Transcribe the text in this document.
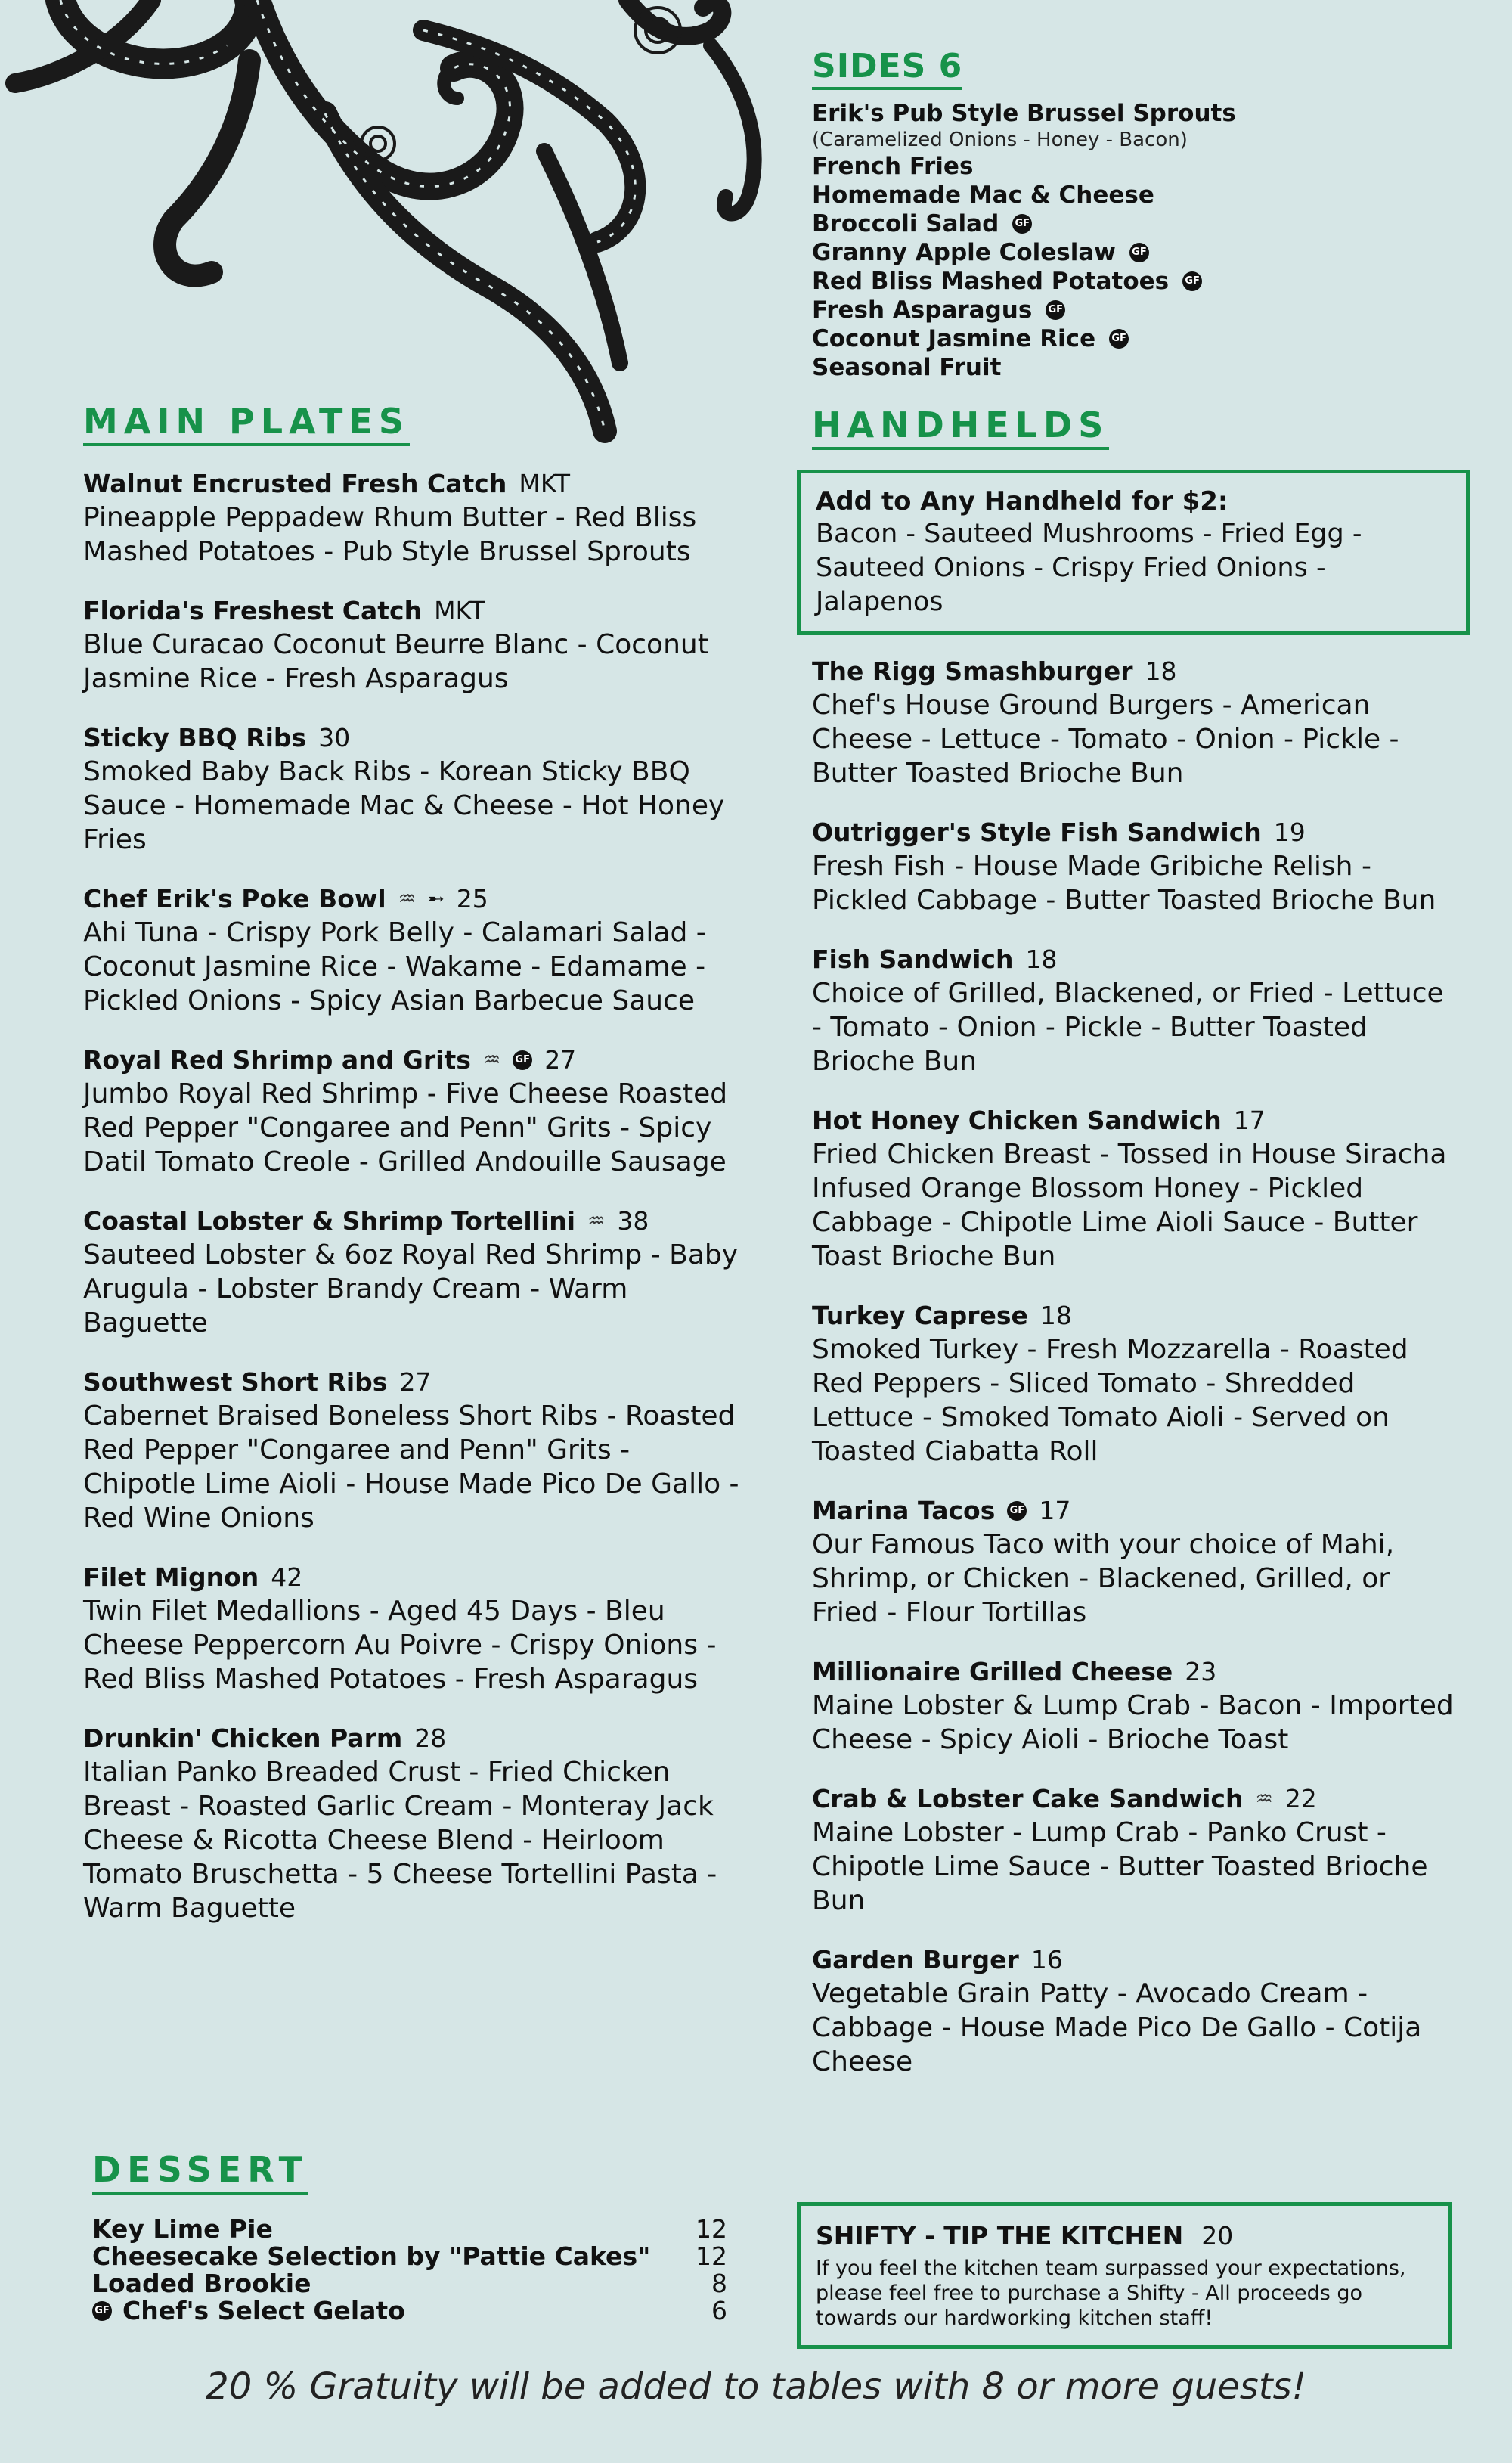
MAIN PLATES
Walnut Encrusted Fresh Catch MKT
Pineapple Peppadew Rhum Butter - Red Bliss Mashed Potatoes - Pub Style Brussel Sprouts
Florida's Freshest Catch MKT
Blue Curacao Coconut Beurre Blanc - Coconut Jasmine Rice - Fresh Asparagus
Sticky BBQ Ribs 30
Smoked Baby Back Ribs - Korean Sticky BBQ Sauce - Homemade Mac & Cheese - Hot Honey Fries
Chef Erik's Poke Bowl ♒ ➸ 25
Ahi Tuna - Crispy Pork Belly - Calamari Salad - Coconut Jasmine Rice - Wakame - Edamame - Pickled Onions - Spicy Asian Barbecue Sauce
Royal Red Shrimp and Grits ♒ GF 27
Jumbo Royal Red Shrimp - Five Cheese Roasted Red Pepper "Congaree and Penn" Grits - Spicy Datil Tomato Creole - Grilled Andouille Sausage
Coastal Lobster & Shrimp Tortellini ♒ 38
Sauteed Lobster & 6oz Royal Red Shrimp - Baby Arugula - Lobster Brandy Cream - Warm Baguette
Southwest Short Ribs 27
Cabernet Braised Boneless Short Ribs - Roasted Red Pepper "Congaree and Penn" Grits - Chipotle Lime Aioli - House Made Pico De Gallo - Red Wine Onions
Filet Mignon 42
Twin Filet Medallions - Aged 45 Days - Bleu Cheese Peppercorn Au Poivre - Crispy Onions - Red Bliss Mashed Potatoes - Fresh Asparagus
Drunkin' Chicken Parm 28
Italian Panko Breaded Crust - Fried Chicken Breast - Roasted Garlic Cream - Monteray Jack Cheese & Ricotta Cheese Blend - Heirloom Tomato Bruschetta - 5 Cheese Tortellini Pasta - Warm Baguette
SIDES 6
Erik's Pub Style Brussel Sprouts
(Caramelized Onions - Honey - Bacon)
French Fries
Homemade Mac & Cheese
Broccoli Salad GF
Granny Apple Coleslaw GF
Red Bliss Mashed Potatoes GF
Fresh Asparagus GF
Coconut Jasmine Rice GF
Seasonal Fruit
HANDHELDS
Add to Any Handheld for $2:
Bacon - Sauteed Mushrooms - Fried Egg - Sauteed Onions - Crispy Fried Onions - Jalapenos
The Rigg Smashburger 18
Chef's House Ground Burgers - American Cheese - Lettuce - Tomato - Onion - Pickle - Butter Toasted Brioche Bun
Outrigger's Style Fish Sandwich 19
Fresh Fish - House Made Gribiche Relish - Pickled Cabbage - Butter Toasted Brioche Bun
Fish Sandwich 18
Choice of Grilled, Blackened, or Fried - Lettuce - Tomato - Onion - Pickle - Butter Toasted Brioche Bun
Hot Honey Chicken Sandwich 17
Fried Chicken Breast - Tossed in House Siracha Infused Orange Blossom Honey - Pickled Cabbage - Chipotle Lime Aioli Sauce - Butter Toast Brioche Bun
Turkey Caprese 18
Smoked Turkey - Fresh Mozzarella - Roasted Red Peppers - Sliced Tomato - Shredded Lettuce - Smoked Tomato Aioli - Served on Toasted Ciabatta Roll
Marina Tacos GF 17
Our Famous Taco with your choice of Mahi, Shrimp, or Chicken - Blackened, Grilled, or Fried - Flour Tortillas
Millionaire Grilled Cheese 23
Maine Lobster & Lump Crab - Bacon - Imported Cheese - Spicy Aioli - Brioche Toast
Crab & Lobster Cake Sandwich ♒ 22
Maine Lobster - Lump Crab - Panko Crust - Chipotle Lime Sauce - Butter Toasted Brioche Bun
Garden Burger 16
Vegetable Grain Patty - Avocado Cream - Cabbage - House Made Pico De Gallo - Cotija Cheese
DESSERT
Key Lime Pie	12
Cheesecake Selection by "Pattie Cakes" 12
Loaded Brookie	8
GF Chef's Select Gelato	6
SHIFTY - TIP THE KITCHEN 20
If you feel the kitchen team surpassed your expectations, please feel free to purchase a Shifty - All proceeds go towards our hardworking kitchen staff!
20 % Gratuity will be added to tables with 8 or more guests!
